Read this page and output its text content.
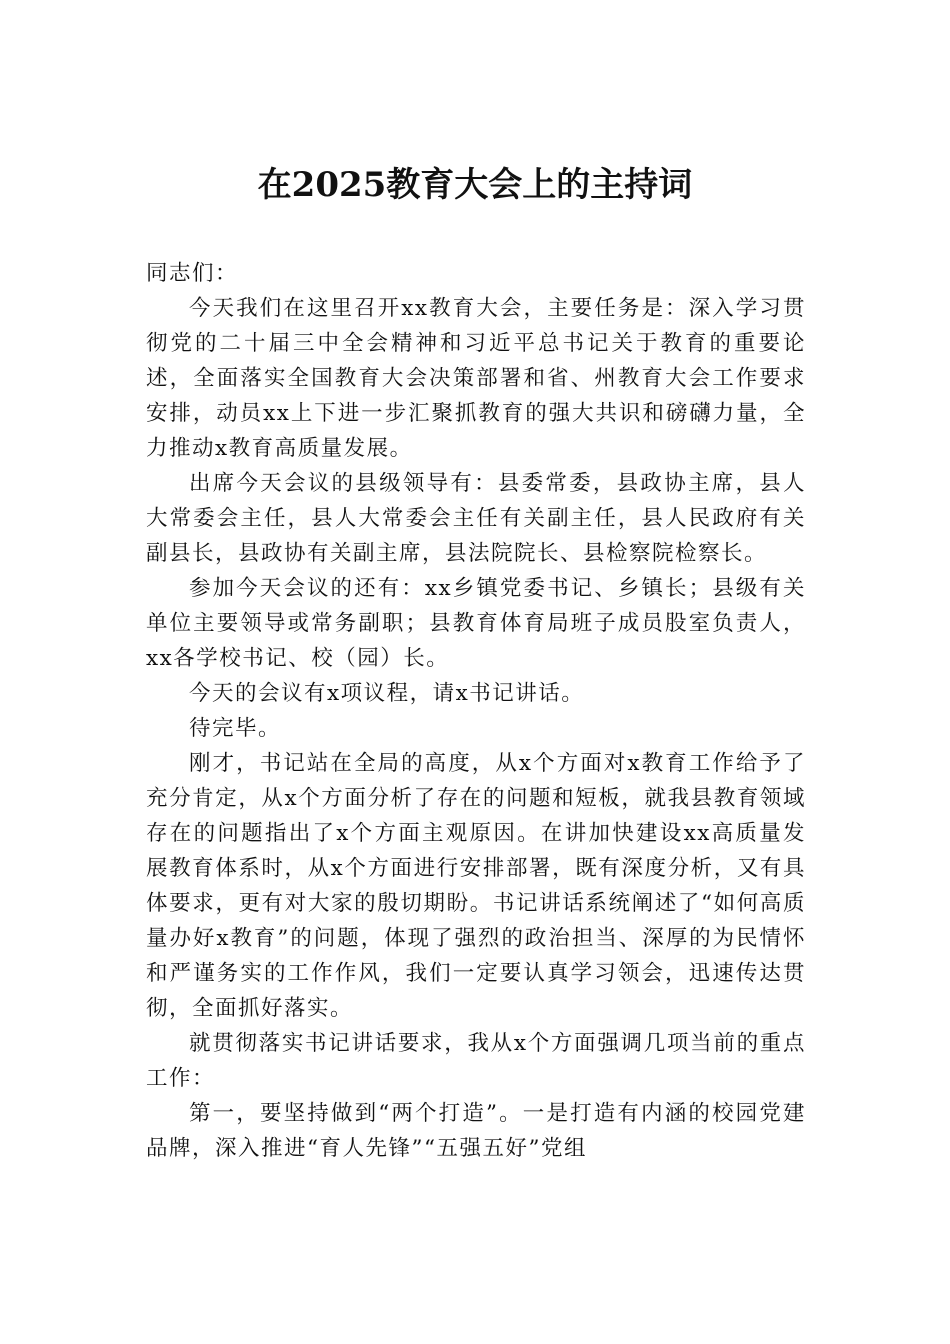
在2025教育大会上的主持词

同志们：

今天我们在这里召开xx教育大会，主要任务是：深入学习贯彻党的二十届三中全会精神和习近平总书记关于教育的重要论述，全面落实全国教育大会决策部署和省、州教育大会工作要求安排，动员xx上下进一步汇聚抓教育的强大共识和磅礴力量，全力推动x教育高质量发展。

出席今天会议的县级领导有：县委常委，县政协主席，县人大常委会主任，县人大常委会主任有关副主任，县人民政府有关副县长，县政协有关副主席，县法院院长、县检察院检察长。

参加今天会议的还有：xx乡镇党委书记、乡镇长；县级有关单位主要领导或常务副职；县教育体育局班子成员股室负责人，xx各学校书记、校（园）长。

今天的会议有x项议程，请x书记讲话。

待完毕。

刚才，书记站在全局的高度，从x个方面对x教育工作给予了充分肯定，从x个方面分析了存在的问题和短板，就我县教育领域存在的问题指出了x个方面主观原因。在讲加快建设xx高质量发展教育体系时，从x个方面进行安排部署，既有深度分析，又有具体要求，更有对大家的殷切期盼。书记讲话系统阐述了“如何高质量办好x教育”的问题，体现了强烈的政治担当、深厚的为民情怀和严谨务实的工作作风，我们一定要认真学习领会，迅速传达贯彻，全面抓好落实。

就贯彻落实书记讲话要求，我从x个方面强调几项当前的重点工作：

第一，要坚持做到“两个打造”。一是打造有内涵的校园党建品牌，深入推进“育人先锋”“五强五好”党组
